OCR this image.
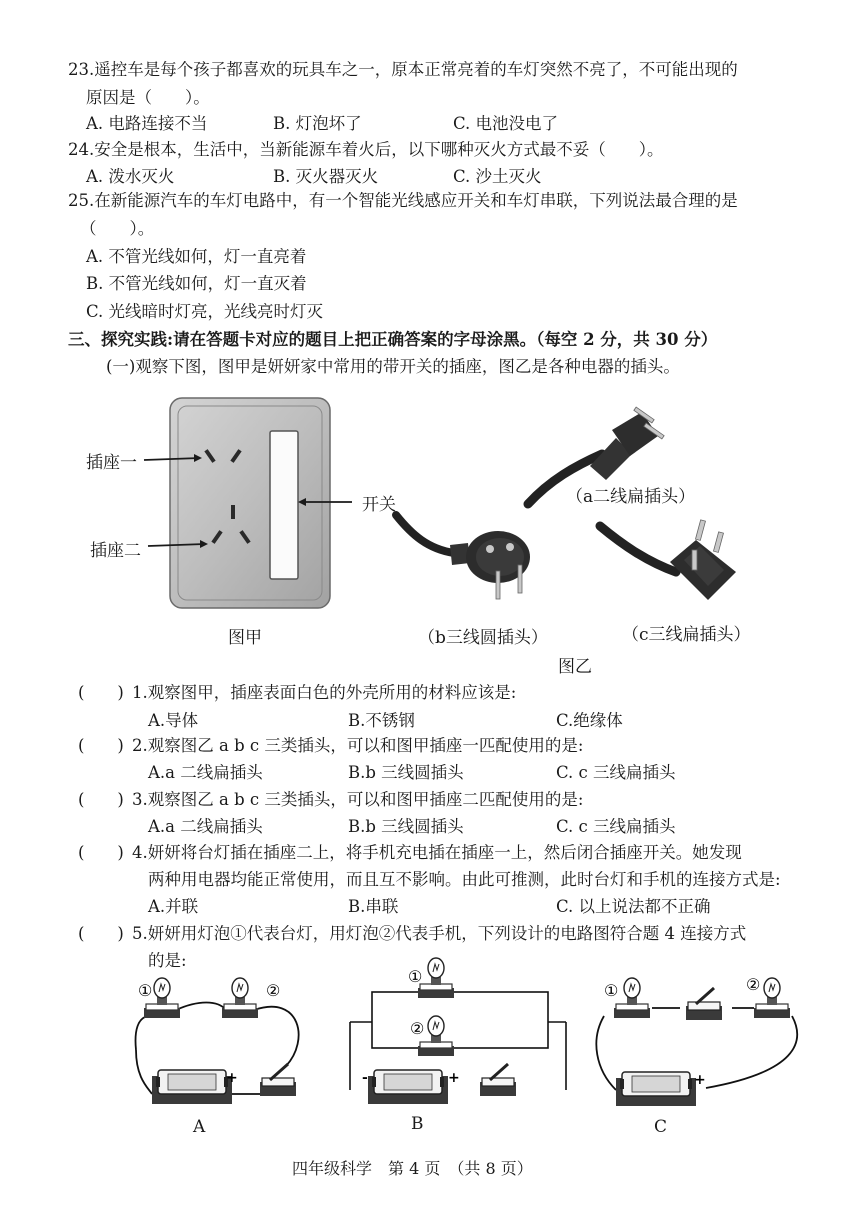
23.遥控车是每个孩子都喜欢的玩具车之一，原本正常亮着的车灯突然不亮了，不可能出现的
原因是（　　）。
A. 电路连接不当	B. 灯泡坏了	C. 电池没电了
24.安全是根本，生活中，当新能源车着火后，以下哪种灭火方式最不妥（　　）。
A. 泼水灭火	B. 灭火器灭火	C. 沙土灭火
25.在新能源汽车的车灯电路中，有一个智能光线感应开关和车灯串联，下列说法最合理的是
（　　）。
A. 不管光线如何，灯一直亮着
B. 不管光线如何，灯一直灭着
C. 光线暗时灯亮，光线亮时灯灭
三、探究实践:请在答题卡对应的题目上把正确答案的字母涂黑。（每空 2 分，共 30 分）
(一)观察下图，图甲是妍妍家中常用的带开关的插座，图乙是各种电器的插头。
插座一
插座二
开关
图甲
（a二线扁插头）
（b三线圆插头）	（c三线扁插头）
图乙
(　　) 1.观察图甲，插座表面白色的外壳所用的材料应该是:
A.导体	B.不锈钢	C.绝缘体
(　　) 2.观察图乙 a b c 三类插头，可以和图甲插座一匹配使用的是:
A.a 二线扁插头	B.b 三线圆插头	C. c 三线扁插头
(　　) 3.观察图乙 a b c 三类插头，可以和图甲插座二匹配使用的是:
A.a 二线扁插头	B.b 三线圆插头	C. c 三线扁插头
(　　) 4.妍妍将台灯插在插座二上，将手机充电插在插座一上，然后闭合插座开关。她发现
两种用电器均能正常使用，而且互不影响。由此可推测，此时台灯和手机的连接方式是:
A.并联	B.串联	C. 以上说法都不正确
(　　) 5.妍妍用灯泡①代表台灯，用灯泡②代表手机，下列设计的电路图符合题 4 连接方式
的是:
①	②
+
①
②
-	+
①	②
+
A	B	C
四年级科学　第 4 页　（共 8 页）
